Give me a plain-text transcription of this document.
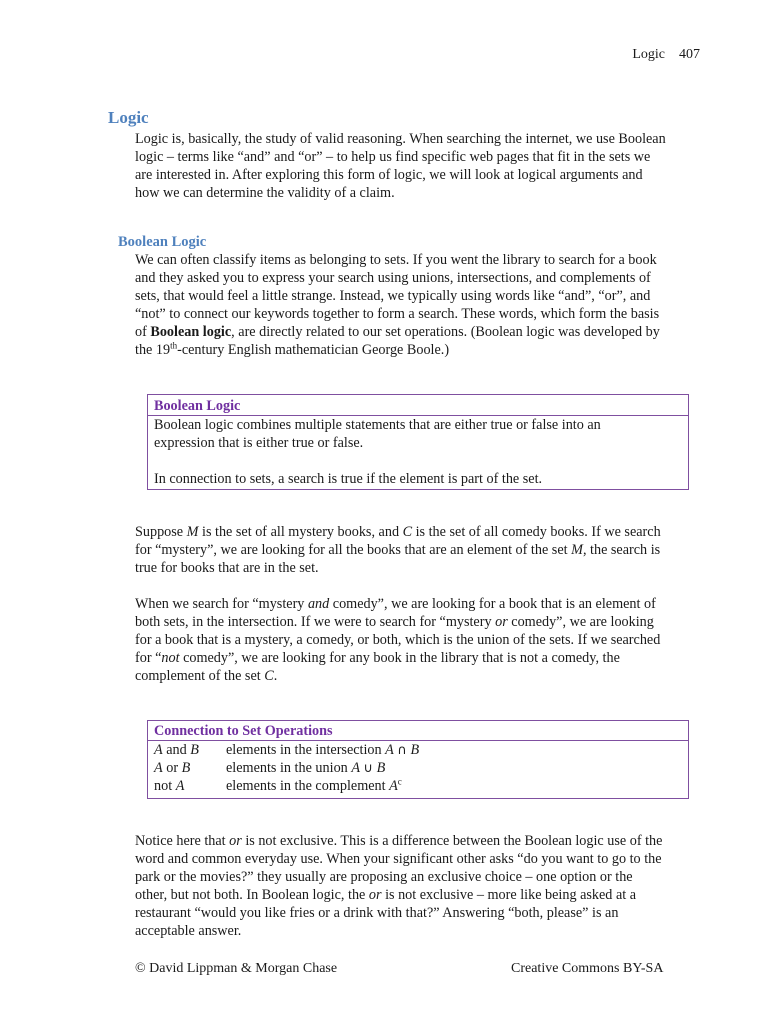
Logic 407
Logic
Logic is, basically, the study of valid reasoning. When searching the internet, we use Boolean
logic – terms like “and” and “or” – to help us find specific web pages that fit in the sets we
are interested in. After exploring this form of logic, we will look at logical arguments and
how we can determine the validity of a claim.
Boolean Logic
We can often classify items as belonging to sets. If you went the library to search for a book
and they asked you to express your search using unions, intersections, and complements of
sets, that would feel a little strange. Instead, we typically using words like “and”, “or”, and
“not” to connect our keywords together to form a search. These words, which form the basis
of Boolean logic, are directly related to our set operations. (Boolean logic was developed by
the 19th-century English mathematician George Boole.)
Boolean Logic
Boolean logic combines multiple statements that are either true or false into an
expression that is either true or false.
In connection to sets, a search is true if the element is part of the set.
Suppose M is the set of all mystery books, and C is the set of all comedy books. If we search
for “mystery”, we are looking for all the books that are an element of the set M, the search is
true for books that are in the set.
When we search for “mystery and comedy”, we are looking for a book that is an element of
both sets, in the intersection. If we were to search for “mystery or comedy”, we are looking
for a book that is a mystery, a comedy, or both, which is the union of the sets. If we searched
for “not comedy”, we are looking for any book in the library that is not a comedy, the
complement of the set C.
Connection to Set Operations
A and B	elements in the intersection A ∩ B
A or B	elements in the union A ∪ B
not A	elements in the complement $A^c$
Notice here that or is not exclusive. This is a difference between the Boolean logic use of the
word and common everyday use. When your significant other asks “do you want to go to the
park or the movies?” they usually are proposing an exclusive choice – one option or the
other, but not both. In Boolean logic, the or is not exclusive – more like being asked at a
restaurant “would you like fries or a drink with that?” Answering “both, please” is an
acceptable answer.
© David Lippman & Morgan Chase	Creative Commons BY-SA
